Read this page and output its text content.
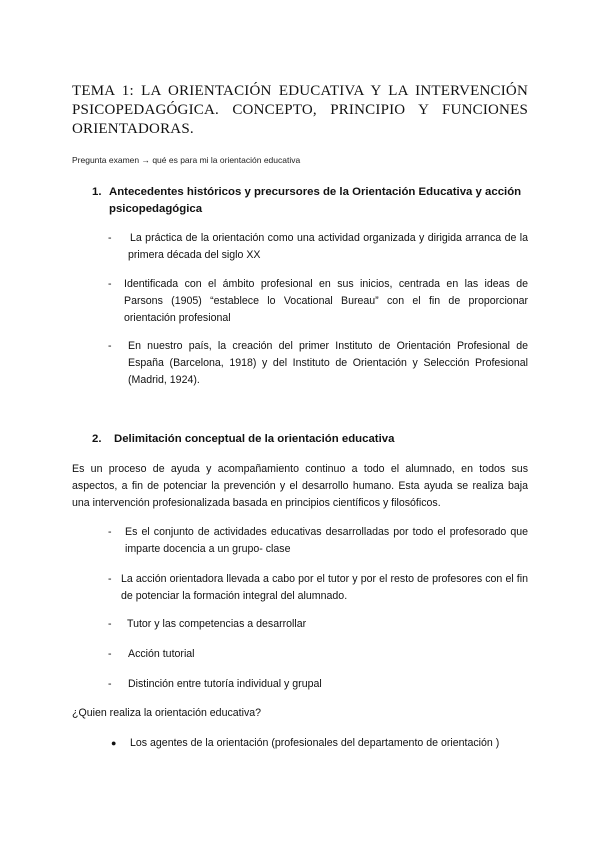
TEMA 1: LA ORIENTACIÓN EDUCATIVA Y LA INTERVENCIÓN
PSICOPEDAGÓGICA. CONCEPTO, PRINCIPIO Y FUNCIONES
ORIENTADORAS.
Pregunta examen → qué es para mi la orientación educativa
1. Antecedentes históricos y precursores de la Orientación Educativa y acción
psicopedagógica
- La práctica de la orientación como una actividad organizada y dirigida arranca de la primera década del siglo XX
- Identificada con el ámbito profesional en sus inicios, centrada en las ideas de Parsons (1905) “establece lo Vocational Bureau” con el fin de proporcionar orientación profesional
- En nuestro país, la creación del primer Instituto de Orientación Profesional de España (Barcelona, 1918) y del Instituto de Orientación y Selección Profesional (Madrid, 1924).
2. Delimitación conceptual de la orientación educativa
Es un proceso de ayuda y acompañamiento continuo a todo el alumnado, en todos sus aspectos, a fin de potenciar la prevención y el desarrollo humano. Esta ayuda se realiza baja una intervención profesionalizada basada en principios científicos y filosóficos.
- Es el conjunto de actividades educativas desarrolladas por todo el profesorado que imparte docencia a un grupo- clase
- La acción orientadora llevada a cabo por el tutor y por el resto de profesores con el fin de potenciar la formación integral del alumnado.
- Tutor y las competencias a desarrollar
- Acción tutorial
- Distinción entre tutoría individual y grupal
¿Quien realiza la orientación educativa?
● Los agentes de la orientación (profesionales del departamento de orientación )
